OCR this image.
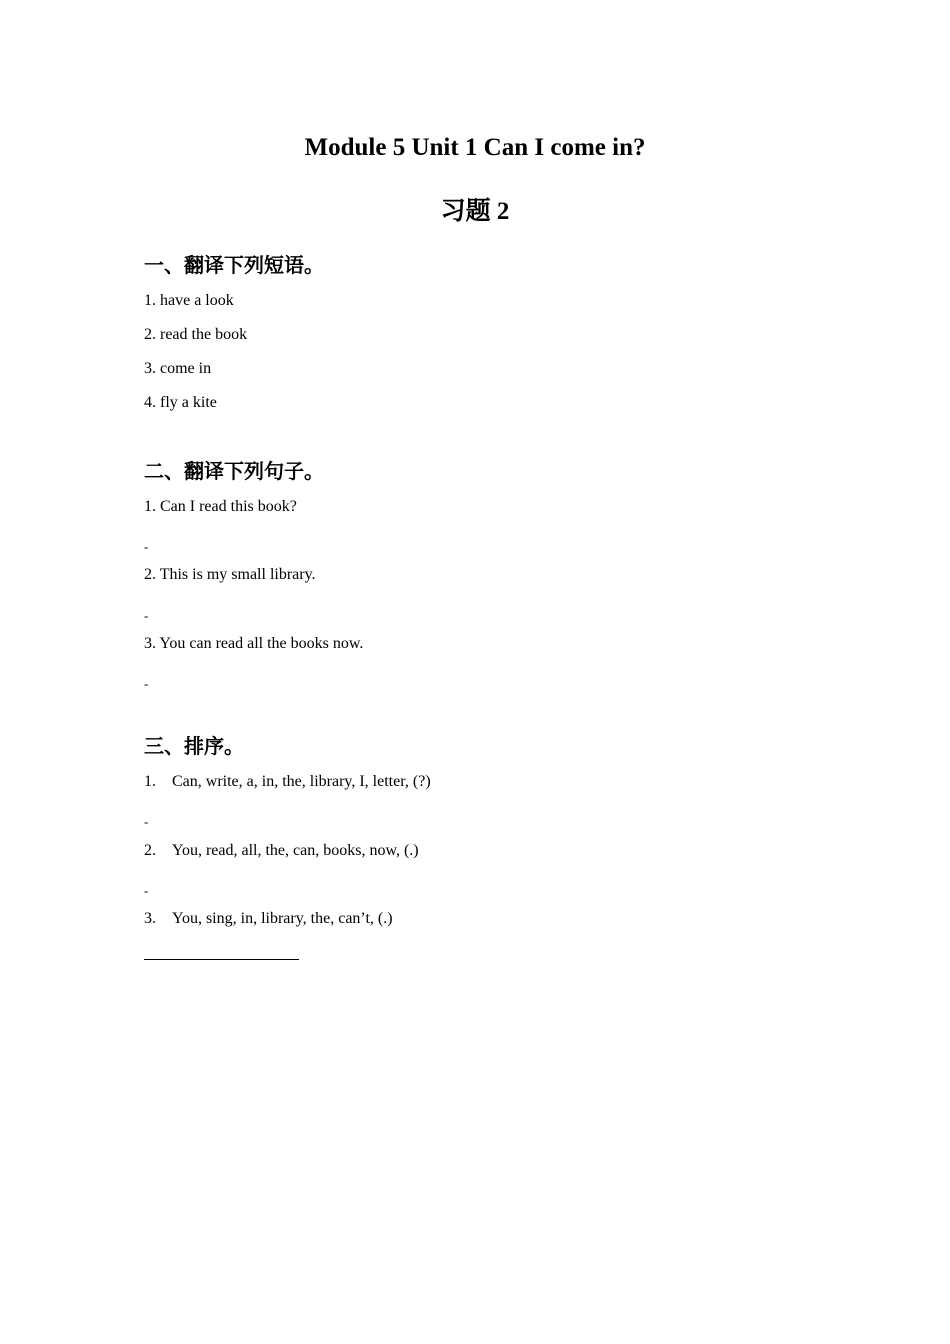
Module 5 Unit 1 Can I come in?
习题 2
一、翻译下列短语。
1. have a look
2. read the book
3. come in
4. fly a kite
二、翻译下列句子。
1. Can I read this book?
-
2. This is my small library.
-
3. You can read all the books now.
-
三、排序。
1. Can, write, a, in, the, library, I, letter, (?)
-
2. You, read, all, the, can, books, now, (.)
-
3. You, sing, in, library, the, can’t, (.)
